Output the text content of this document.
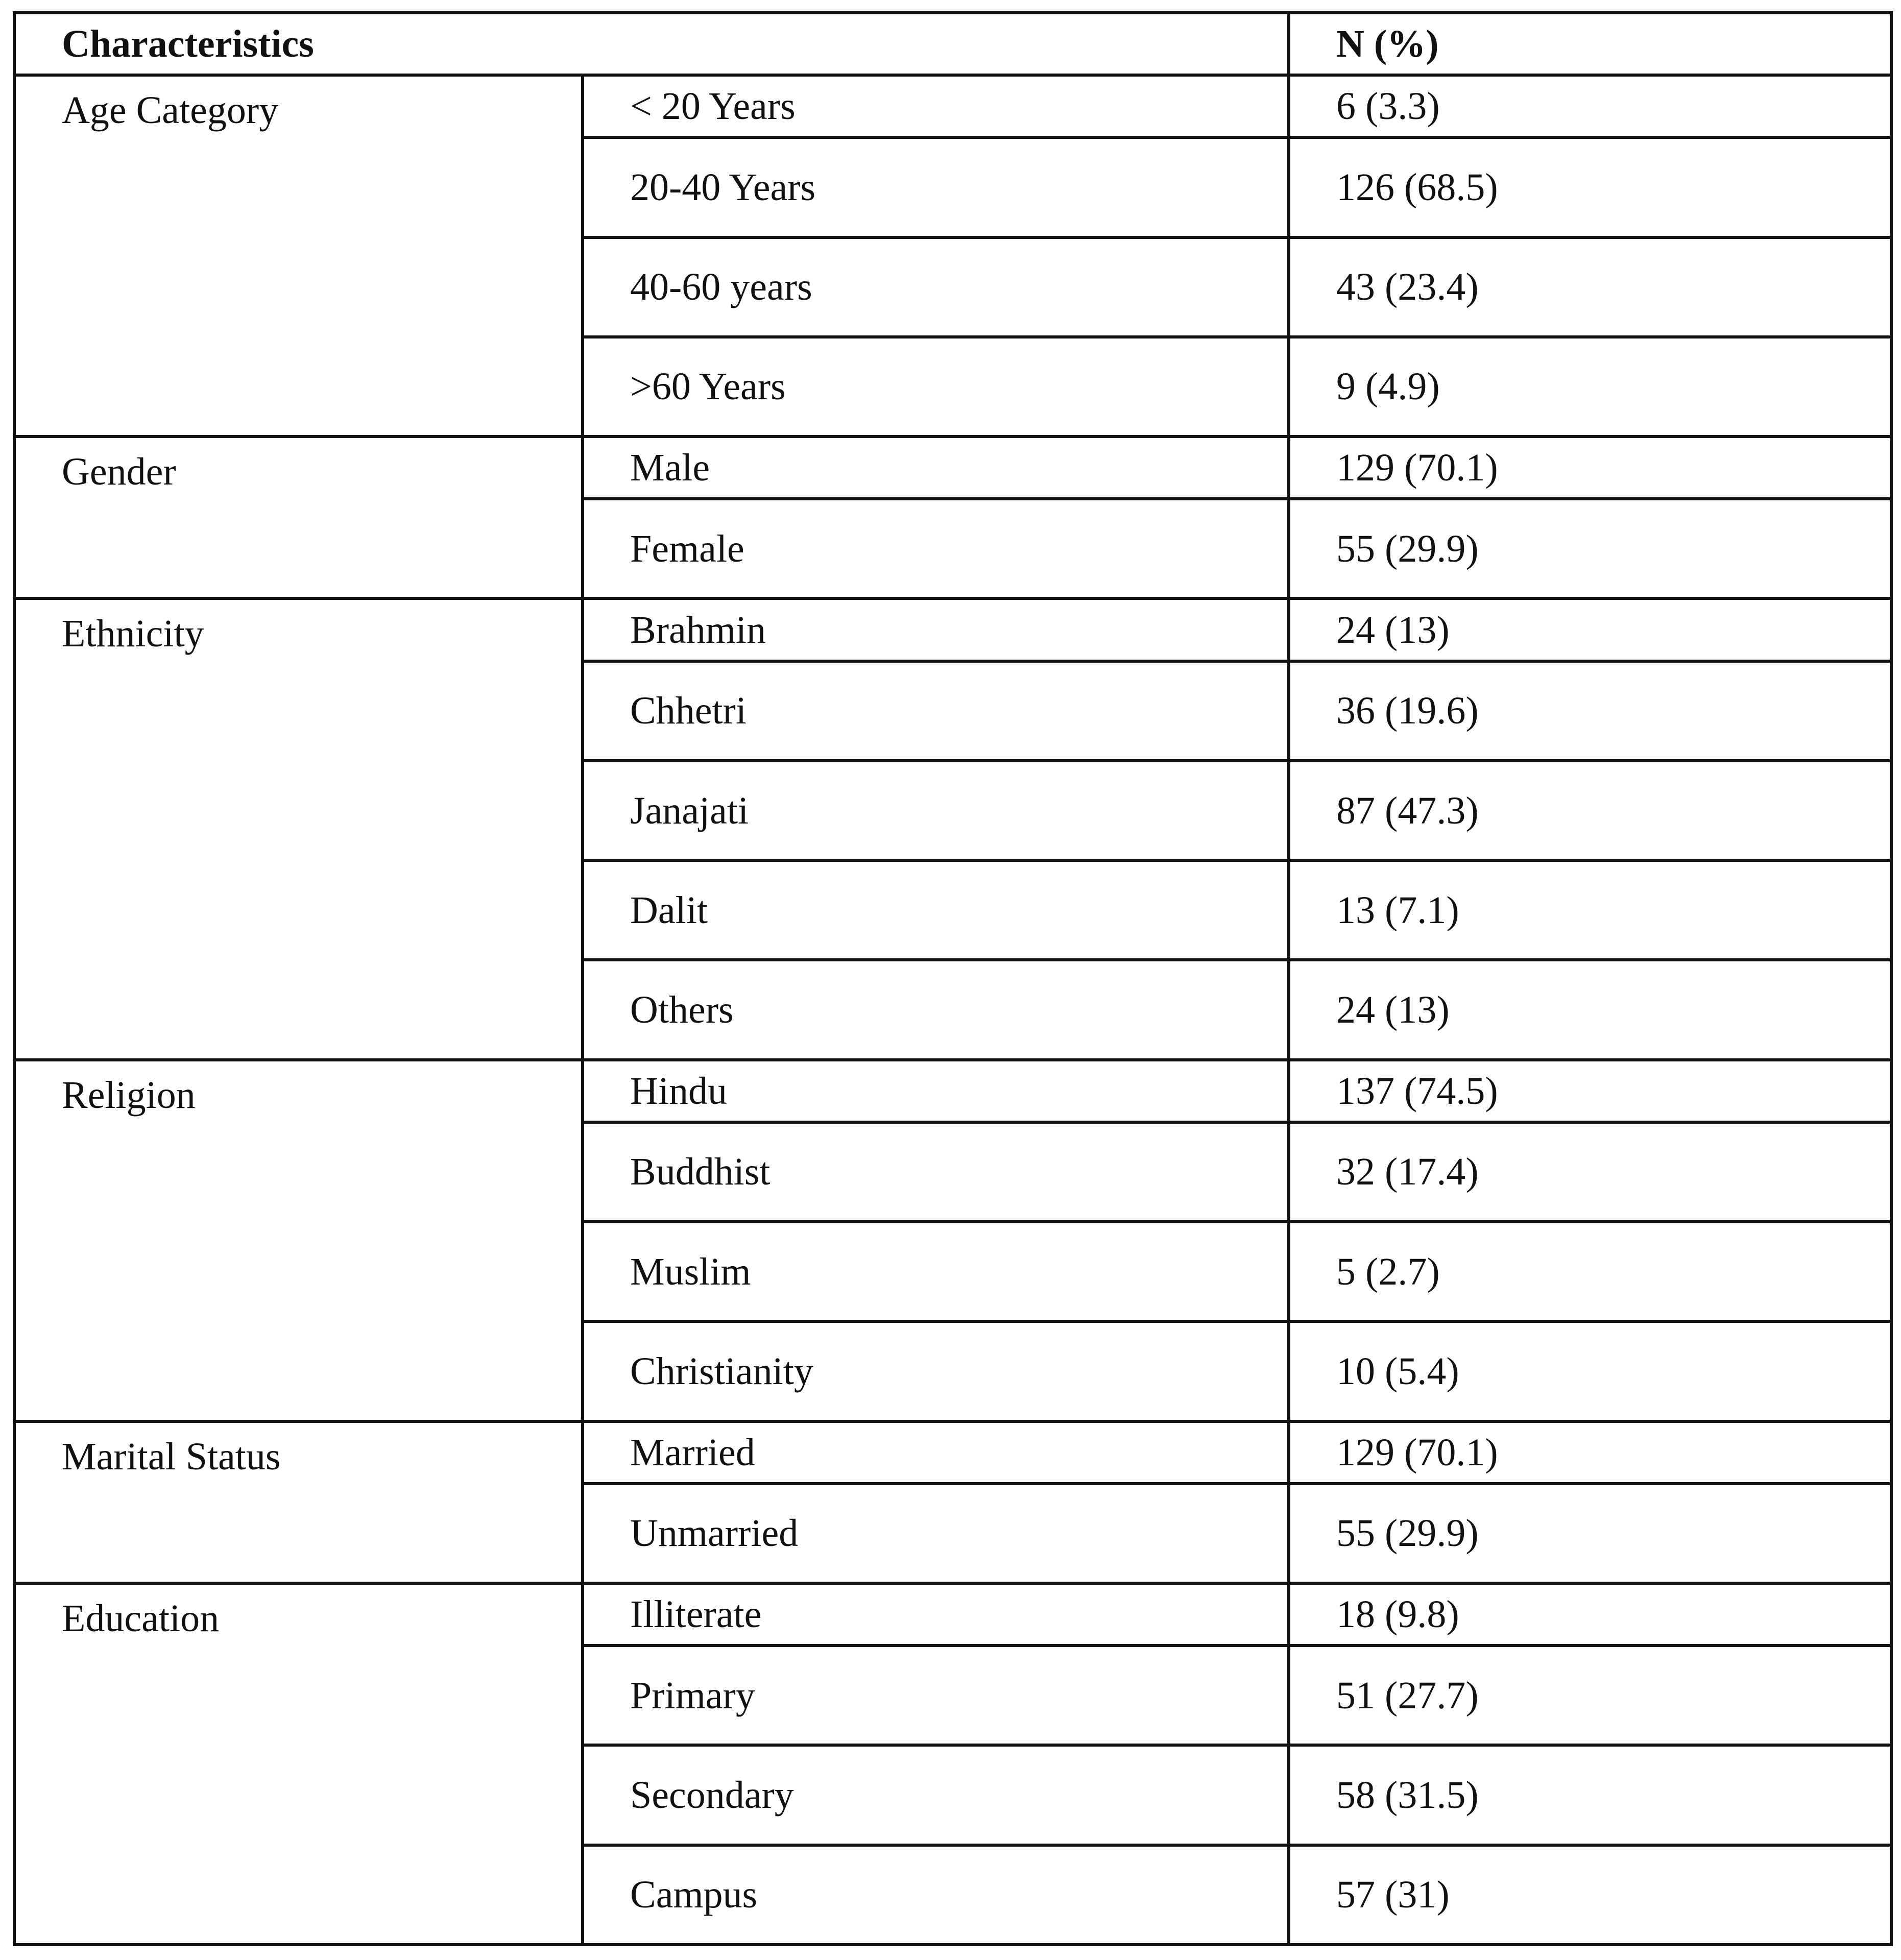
Characteristics		N (%)
Age Category	< 20 Years	6 (3.3)
	20-40 Years	126 (68.5)
	40-60 years	43 (23.4)
	>60 Years	9 (4.9)
Gender	Male	129 (70.1)
	Female	55 (29.9)
Ethnicity	Brahmin	24 (13)
	Chhetri	36 (19.6)
	Janajati	87 (47.3)
	Dalit	13 (7.1)
	Others	24 (13)
Religion	Hindu	137 (74.5)
	Buddhist	32 (17.4)
	Muslim	5 (2.7)
	Christianity	10 (5.4)
Marital Status	Married	129 (70.1)
	Unmarried	55 (29.9)
Education	Illiterate	18 (9.8)
	Primary	51 (27.7)
	Secondary	58 (31.5)
	Campus	57 (31)
